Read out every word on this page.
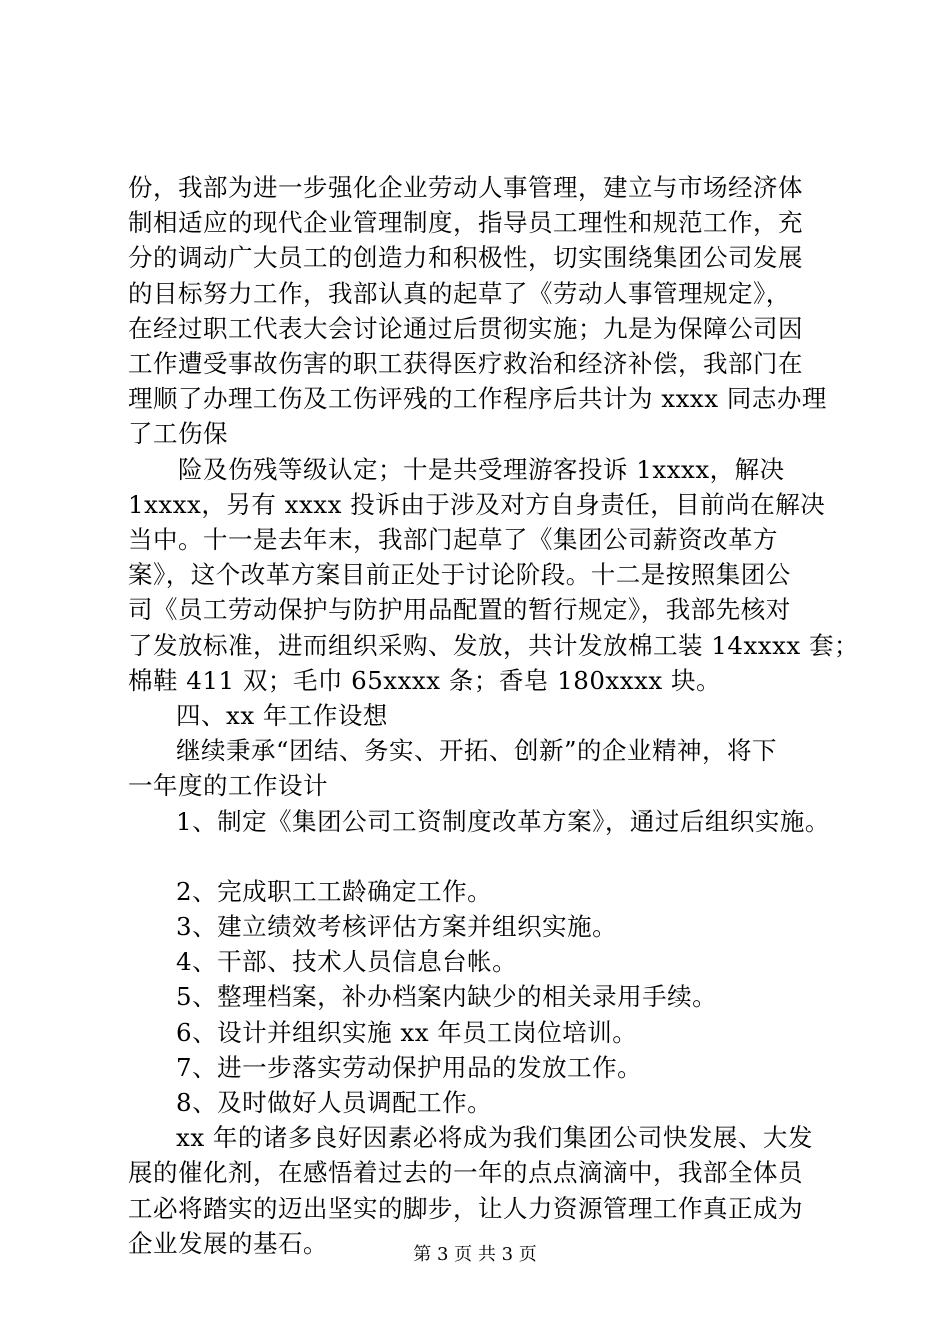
份，我部为进一步强化企业劳动人事管理，建立与市场经济体

制相适应的现代企业管理制度，指导员工理性和规范工作，充

分的调动广大员工的创造力和积极性，切实围绕集团公司发展

的目标努力工作，我部认真的起草了《劳动人事管理规定》，

在经过职工代表大会讨论通过后贯彻实施；九是为保障公司因

工作遭受事故伤害的职工获得医疗救治和经济补偿，我部门在

理顺了办理工伤及工伤评残的工作程序后共计为 xxxx 同志办理

了工伤保

险及伤残等级认定；十是共受理游客投诉 1xxxx，解决

1xxxx，另有 xxxx 投诉由于涉及对方自身责任，目前尚在解决

当中。十一是去年末，我部门起草了《集团公司薪资改革方

案》，这个改革方案目前正处于讨论阶段。十二是按照集团公

司《员工劳动保护与防护用品配置的暂行规定》，我部先核对

了发放标准，进而组织采购、发放，共计发放棉工装 14xxxx 套；

棉鞋 411 双；毛巾 65xxxx 条；香皂 180xxxx 块。

四、xx 年工作设想

继续秉承“团结、务实、开拓、创新”的企业精神，将下

一年度的工作设计

1、制定《集团公司工资制度改革方案》，通过后组织实施。

2、完成职工工龄确定工作。

3、建立绩效考核评估方案并组织实施。

4、干部、技术人员信息台帐。

5、整理档案，补办档案内缺少的相关录用手续。

6、设计并组织实施 xx 年员工岗位培训。

7、进一步落实劳动保护用品的发放工作。

8、及时做好人员调配工作。

xx 年的诸多良好因素必将成为我们集团公司快发展、大发

展的催化剂，在感悟着过去的一年的点点滴滴中，我部全体员

工必将踏实的迈出坚实的脚步，让人力资源管理工作真正成为

企业发展的基石。	第 3 页 共 3 页
